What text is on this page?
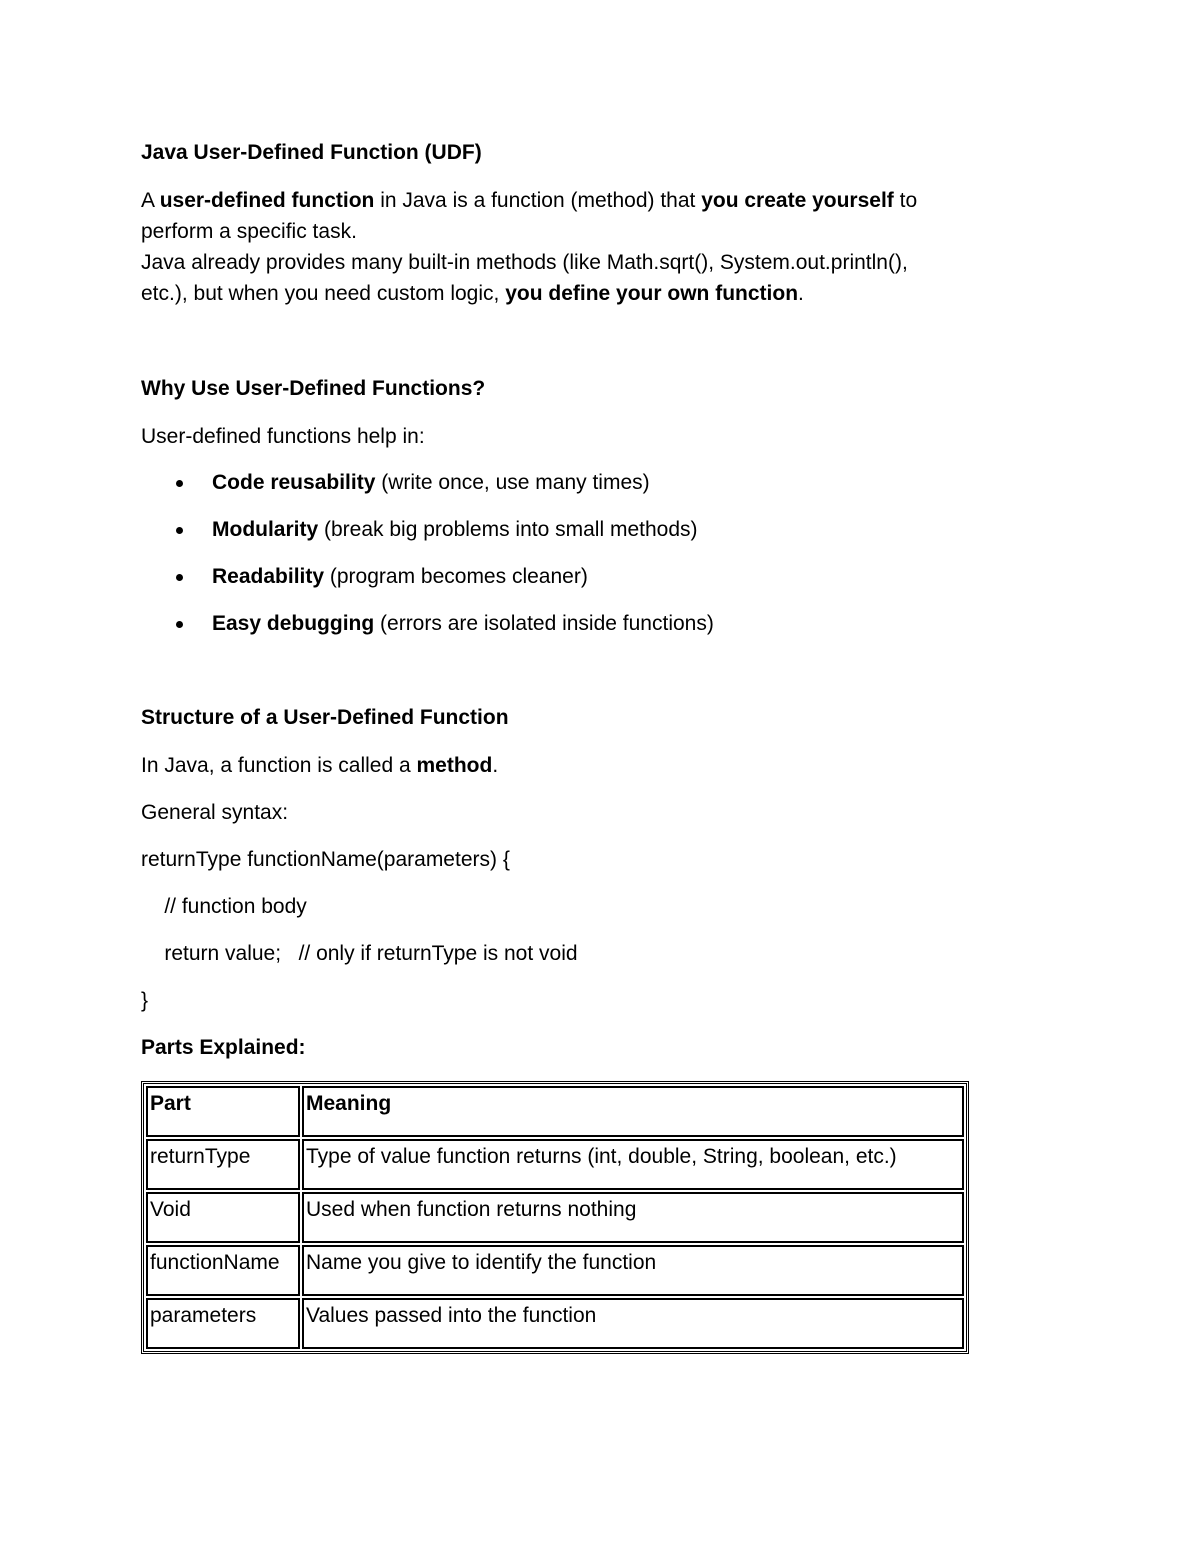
Java User-Defined Function (UDF)
A user-defined function in Java is a function (method) that you create yourself to
perform a specific task.
Java already provides many built-in methods (like Math.sqrt(), System.out.println(),
etc.), but when you need custom logic, you define your own function.
Why Use User-Defined Functions?
User-defined functions help in:
Code reusability (write once, use many times)
Modularity (break big problems into small methods)
Readability (program becomes cleaner)
Easy debugging (errors are isolated inside functions)
Structure of a User-Defined Function
In Java, a function is called a method.
General syntax:
returnType functionName(parameters) {
// function body
return value;   // only if returnType is not void
}
Parts Explained:
Part	Meaning
returnType	Type of value function returns (int, double, String, boolean, etc.)
Void	Used when function returns nothing
functionName	Name you give to identify the function
parameters	Values passed into the function
